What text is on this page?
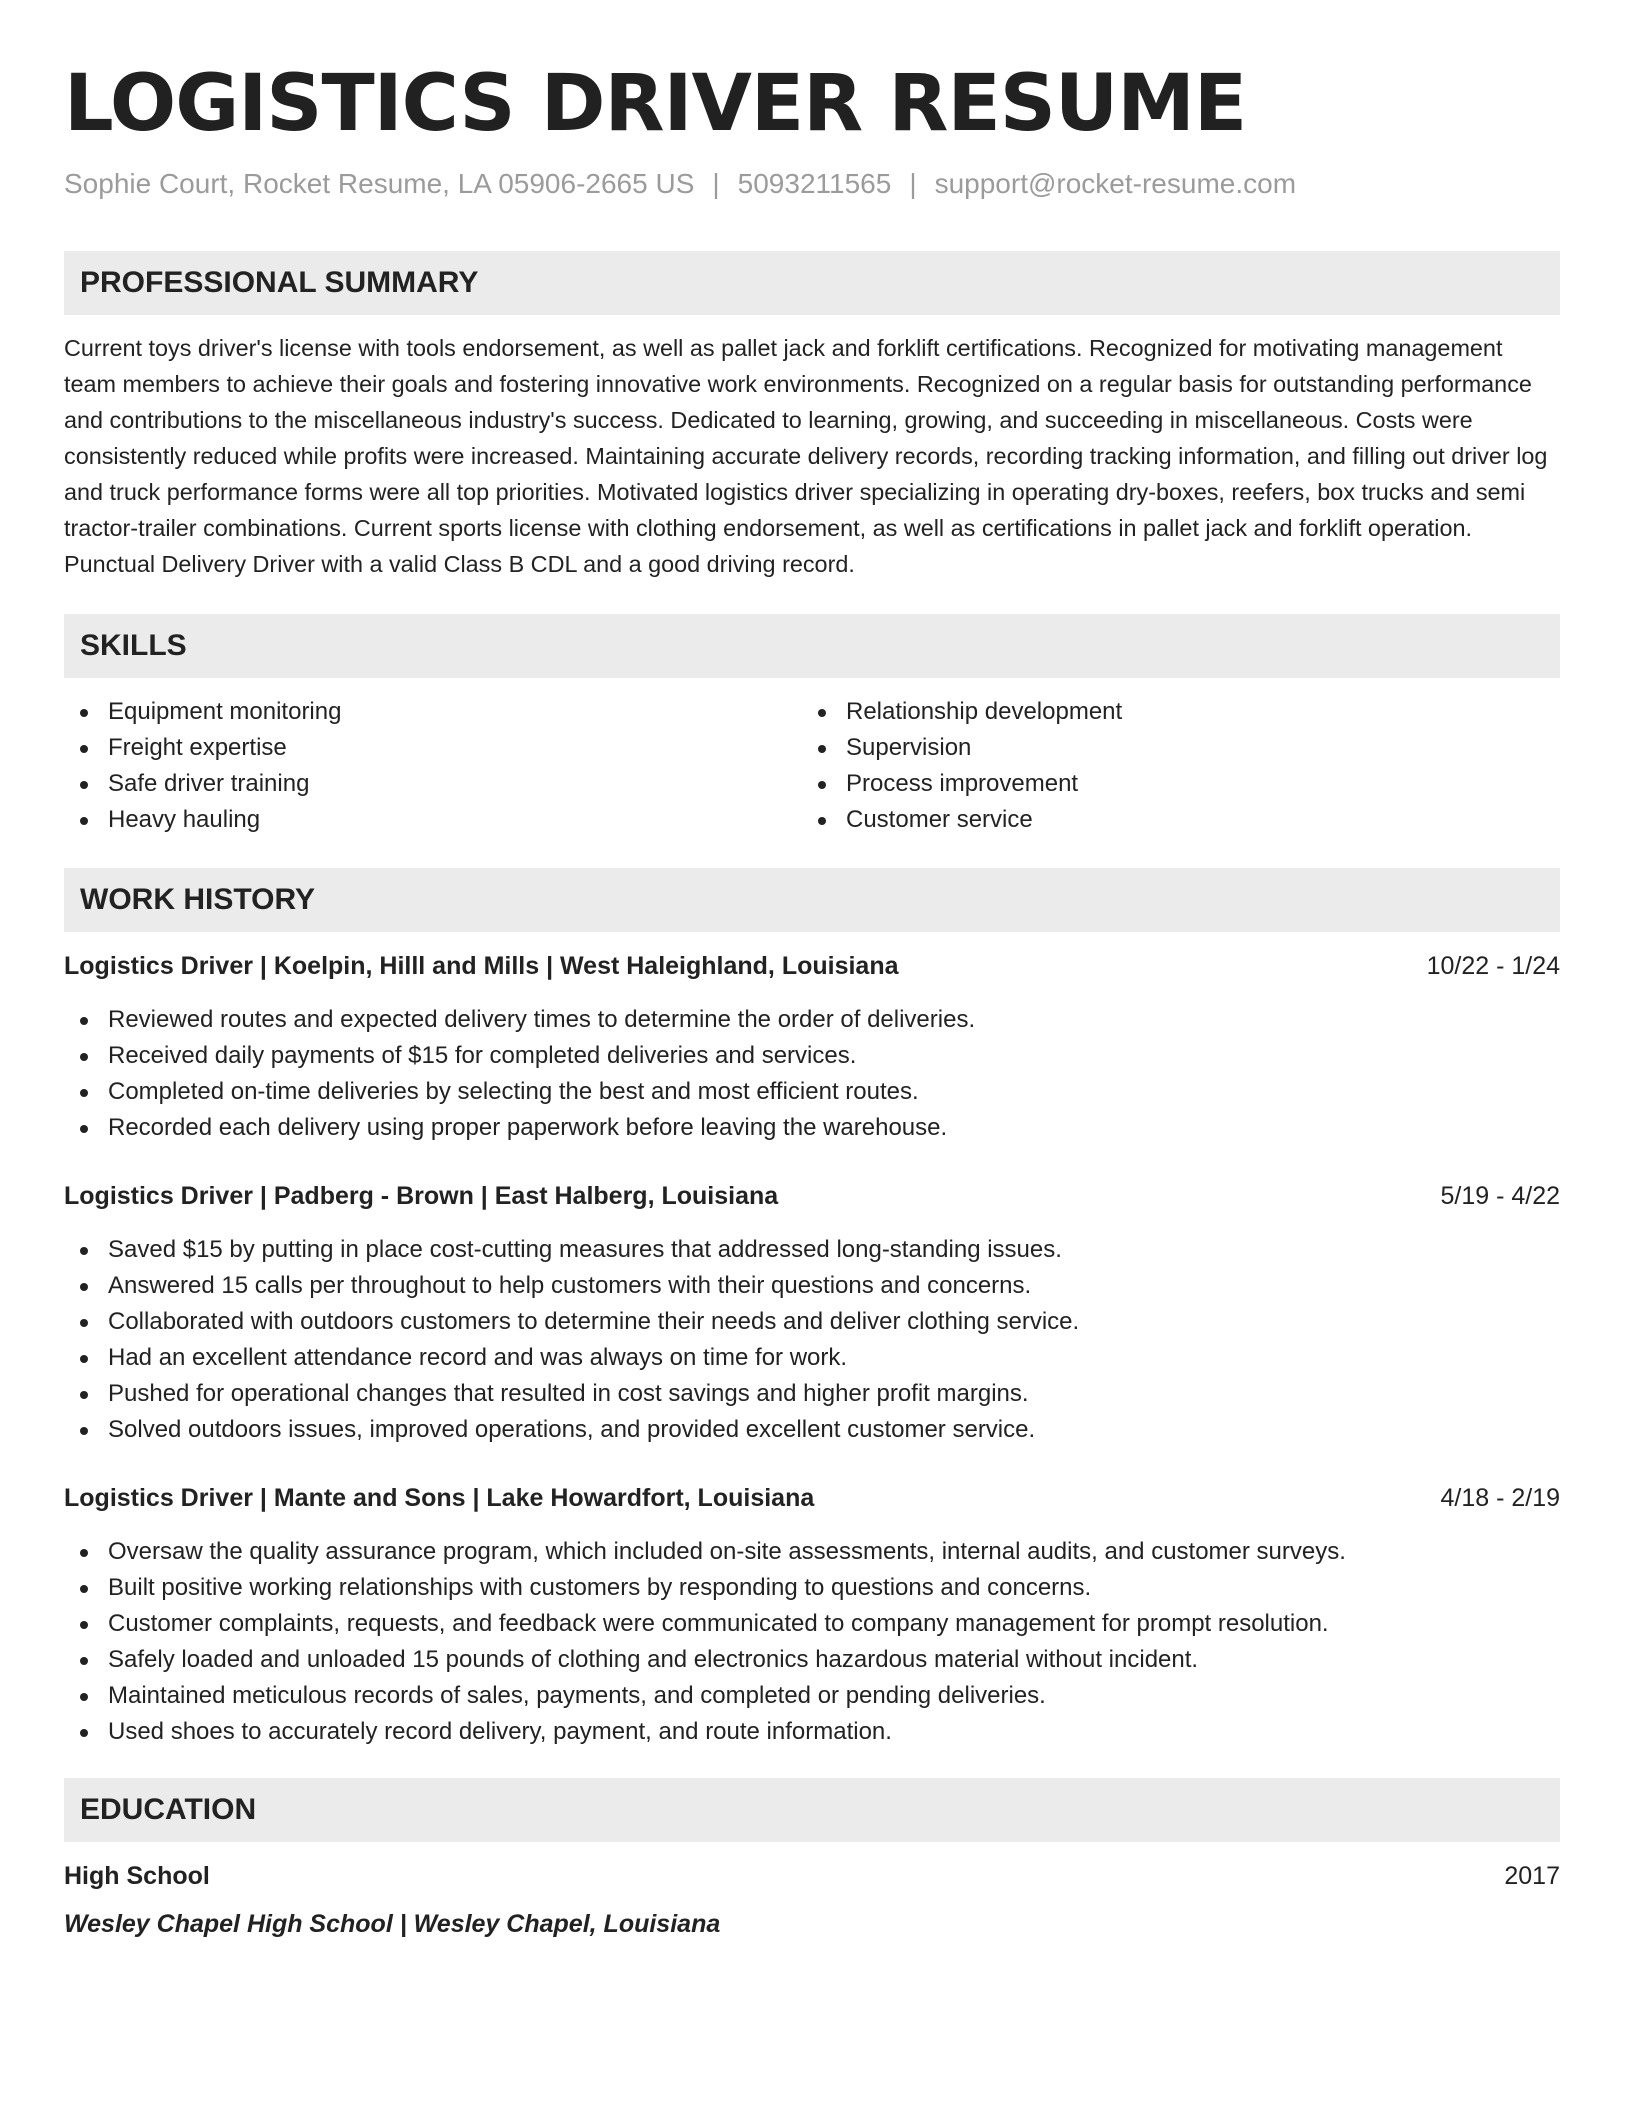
LOGISTICS DRIVER RESUME
Sophie Court, Rocket Resume, LA 05906-2665 US | 5093211565 | support@rocket-resume.com
PROFESSIONAL SUMMARY

Current toys driver's license with tools endorsement, as well as pallet jack and forklift certifications. Recognized for motivating management team members to achieve their goals and fostering innovative work environments. Recognized on a regular basis for outstanding performance and contributions to the miscellaneous industry's success. Dedicated to learning, growing, and succeeding in miscellaneous. Costs were consistently reduced while profits were increased. Maintaining accurate delivery records, recording tracking information, and filling out driver log and truck performance forms were all top priorities. Motivated logistics driver specializing in operating dry-boxes, reefers, box trucks and semi tractor-trailer combinations. Current sports license with clothing endorsement, as well as certifications in pallet jack and forklift operation. Punctual Delivery Driver with a valid Class B CDL and a good driving record.

SKILLS
Equipment monitoring
Freight expertise
Safe driver training
Heavy hauling
Relationship development
Supervision
Process improvement
Customer service
WORK HISTORY
Logistics Driver | Koelpin, Hilll and Mills | West Haleighland, Louisiana	10/22 - 1/24
Reviewed routes and expected delivery times to determine the order of deliveries.
Received daily payments of $15 for completed deliveries and services.
Completed on-time deliveries by selecting the best and most efficient routes.
Recorded each delivery using proper paperwork before leaving the warehouse.
Logistics Driver | Padberg - Brown | East Halberg, Louisiana	5/19 - 4/22
Saved $15 by putting in place cost-cutting measures that addressed long-standing issues.
Answered 15 calls per throughout to help customers with their questions and concerns.
Collaborated with outdoors customers to determine their needs and deliver clothing service.
Had an excellent attendance record and was always on time for work.
Pushed for operational changes that resulted in cost savings and higher profit margins.
Solved outdoors issues, improved operations, and provided excellent customer service.
Logistics Driver | Mante and Sons | Lake Howardfort, Louisiana	4/18 - 2/19
Oversaw the quality assurance program, which included on-site assessments, internal audits, and customer surveys.
Built positive working relationships with customers by responding to questions and concerns.
Customer complaints, requests, and feedback were communicated to company management for prompt resolution.
Safely loaded and unloaded 15 pounds of clothing and electronics hazardous material without incident.
Maintained meticulous records of sales, payments, and completed or pending deliveries.
Used shoes to accurately record delivery, payment, and route information.
EDUCATION
High School	2017
Wesley Chapel High School | Wesley Chapel, Louisiana
